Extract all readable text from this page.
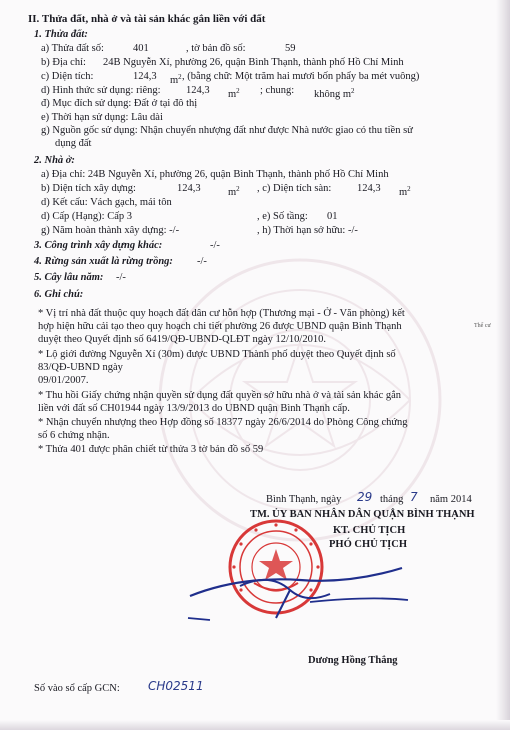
II. Thửa đất, nhà ở và tài sản khác gắn liền với đất
1. Thửa đất:
a) Thửa đất số:	401	, tờ bản đồ số:	59
b) Địa chỉ: 24B Nguyễn Xí, phường 26, quận Bình Thạnh, thành phố Hồ Chí Minh
c) Diện tích:	124,3 $m^2$ , (bằng chữ: Một trăm hai mươi bốn phẩy ba mét vuông)
d) Hình thức sử dụng: riêng: 124,3 $m^2$ ; chung: không $m^2$
đ) Mục đích sử dụng: Đất ở tại đô thị
e) Thời hạn sử dụng: Lâu dài
g) Nguồn gốc sử dụng: Nhận chuyển nhượng đất như được Nhà nước giao có thu tiền sử
dụng đất
2. Nhà ở:
a) Địa chỉ: 24B Nguyễn Xí, phường 26, quận Bình Thạnh, thành phố Hồ Chí Minh
b) Diện tích xây dựng:	124,3	$m^2$ , c) Diện tích sàn: 124,3 $m^2$
d) Kết cấu: Vách gạch, mái tôn
d) Cấp (Hạng): Cấp 3	, e) Số tầng: 01
g) Năm hoàn thành xây dựng: -/-	, h) Thời hạn sở hữu: -/-
3. Công trình xây dựng khác:	-/-
4. Rừng sản xuất là rừng trồng: -/-
5. Cây lâu năm: -/-
6. Ghi chú:
* Vị trí nhà đất thuộc quy hoạch đất dân cư hỗn hợp (Thương mại - Ở - Văn phòng) kết
hợp hiện hữu cải tạo theo quy hoạch chi tiết phường 26 được UBND quận Bình Thạnh
duyệt theo Quyết định số 6419/QĐ-UBND-QLĐT ngày 12/10/2010.
* Lộ giới đường Nguyễn Xí (30m) được UBND Thành phố duyệt theo Quyết định số
83/QĐ-UBND ngày
09/01/2007.
* Thu hồi Giấy chứng nhận quyền sử dụng đất quyền sở hữu nhà ở và tài sản khác gắn
liền với đất số CH01944 ngày 13/9/2013 do UBND quận Bình Thạnh cấp.
* Nhận chuyển nhượng theo Hợp đồng số 18377 ngày 26/6/2014 do Phòng Công chứng
số 6 chứng nhận.
* Thửa 401 được phân chiết từ thửa 3 tờ bản đồ số 59
Thể cư
Bình Thạnh, ngày 29 tháng 7 năm 2014
TM. ỦY BAN NHÂN DÂN QUẬN BÌNH THẠNH
KT. CHỦ TỊCH
PHÓ CHỦ TỊCH
Dương Hồng Thắng
Số vào sổ cấp GCN: CH02511
